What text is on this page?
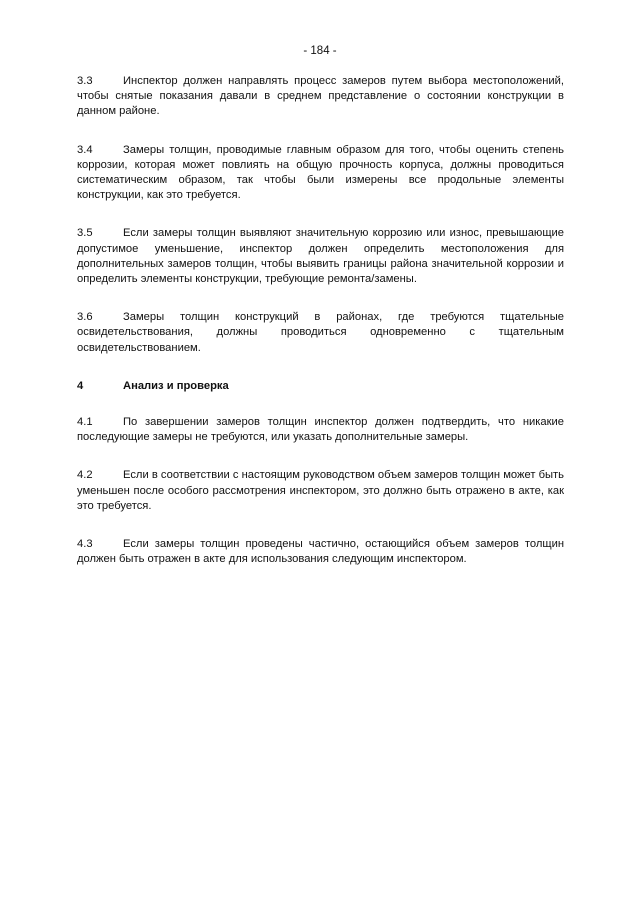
- 184 -
3.3	Инспектор должен направлять процесс замеров путем выбора местоположений, чтобы снятые показания давали в среднем представление о состоянии конструкции в данном районе.
3.4	Замеры толщин, проводимые главным образом для того, чтобы оценить степень коррозии, которая может повлиять на общую прочность корпуса, должны проводиться систематическим образом, так чтобы были измерены все продольные элементы конструкции, как это требуется.
3.5	Если замеры толщин выявляют значительную коррозию или износ, превышающие допустимое уменьшение, инспектор должен определить местоположения для дополнительных замеров толщин, чтобы выявить границы района значительной коррозии и определить элементы конструкции, требующие ремонта/замены.
3.6	Замеры толщин конструкций в районах, где требуются тщательные освидетельствования, должны проводиться одновременно с тщательным освидетельствованием.
4	Анализ и проверка
4.1	По завершении замеров толщин инспектор должен подтвердить, что никакие последующие замеры не требуются, или указать дополнительные замеры.
4.2	Если в соответствии с настоящим руководством объем замеров толщин может быть уменьшен после особого рассмотрения инспектором, это должно быть отражено в акте, как это требуется.
4.3	Если замеры толщин проведены частично, остающийся объем замеров толщин должен быть отражен в акте для использования следующим инспектором.
